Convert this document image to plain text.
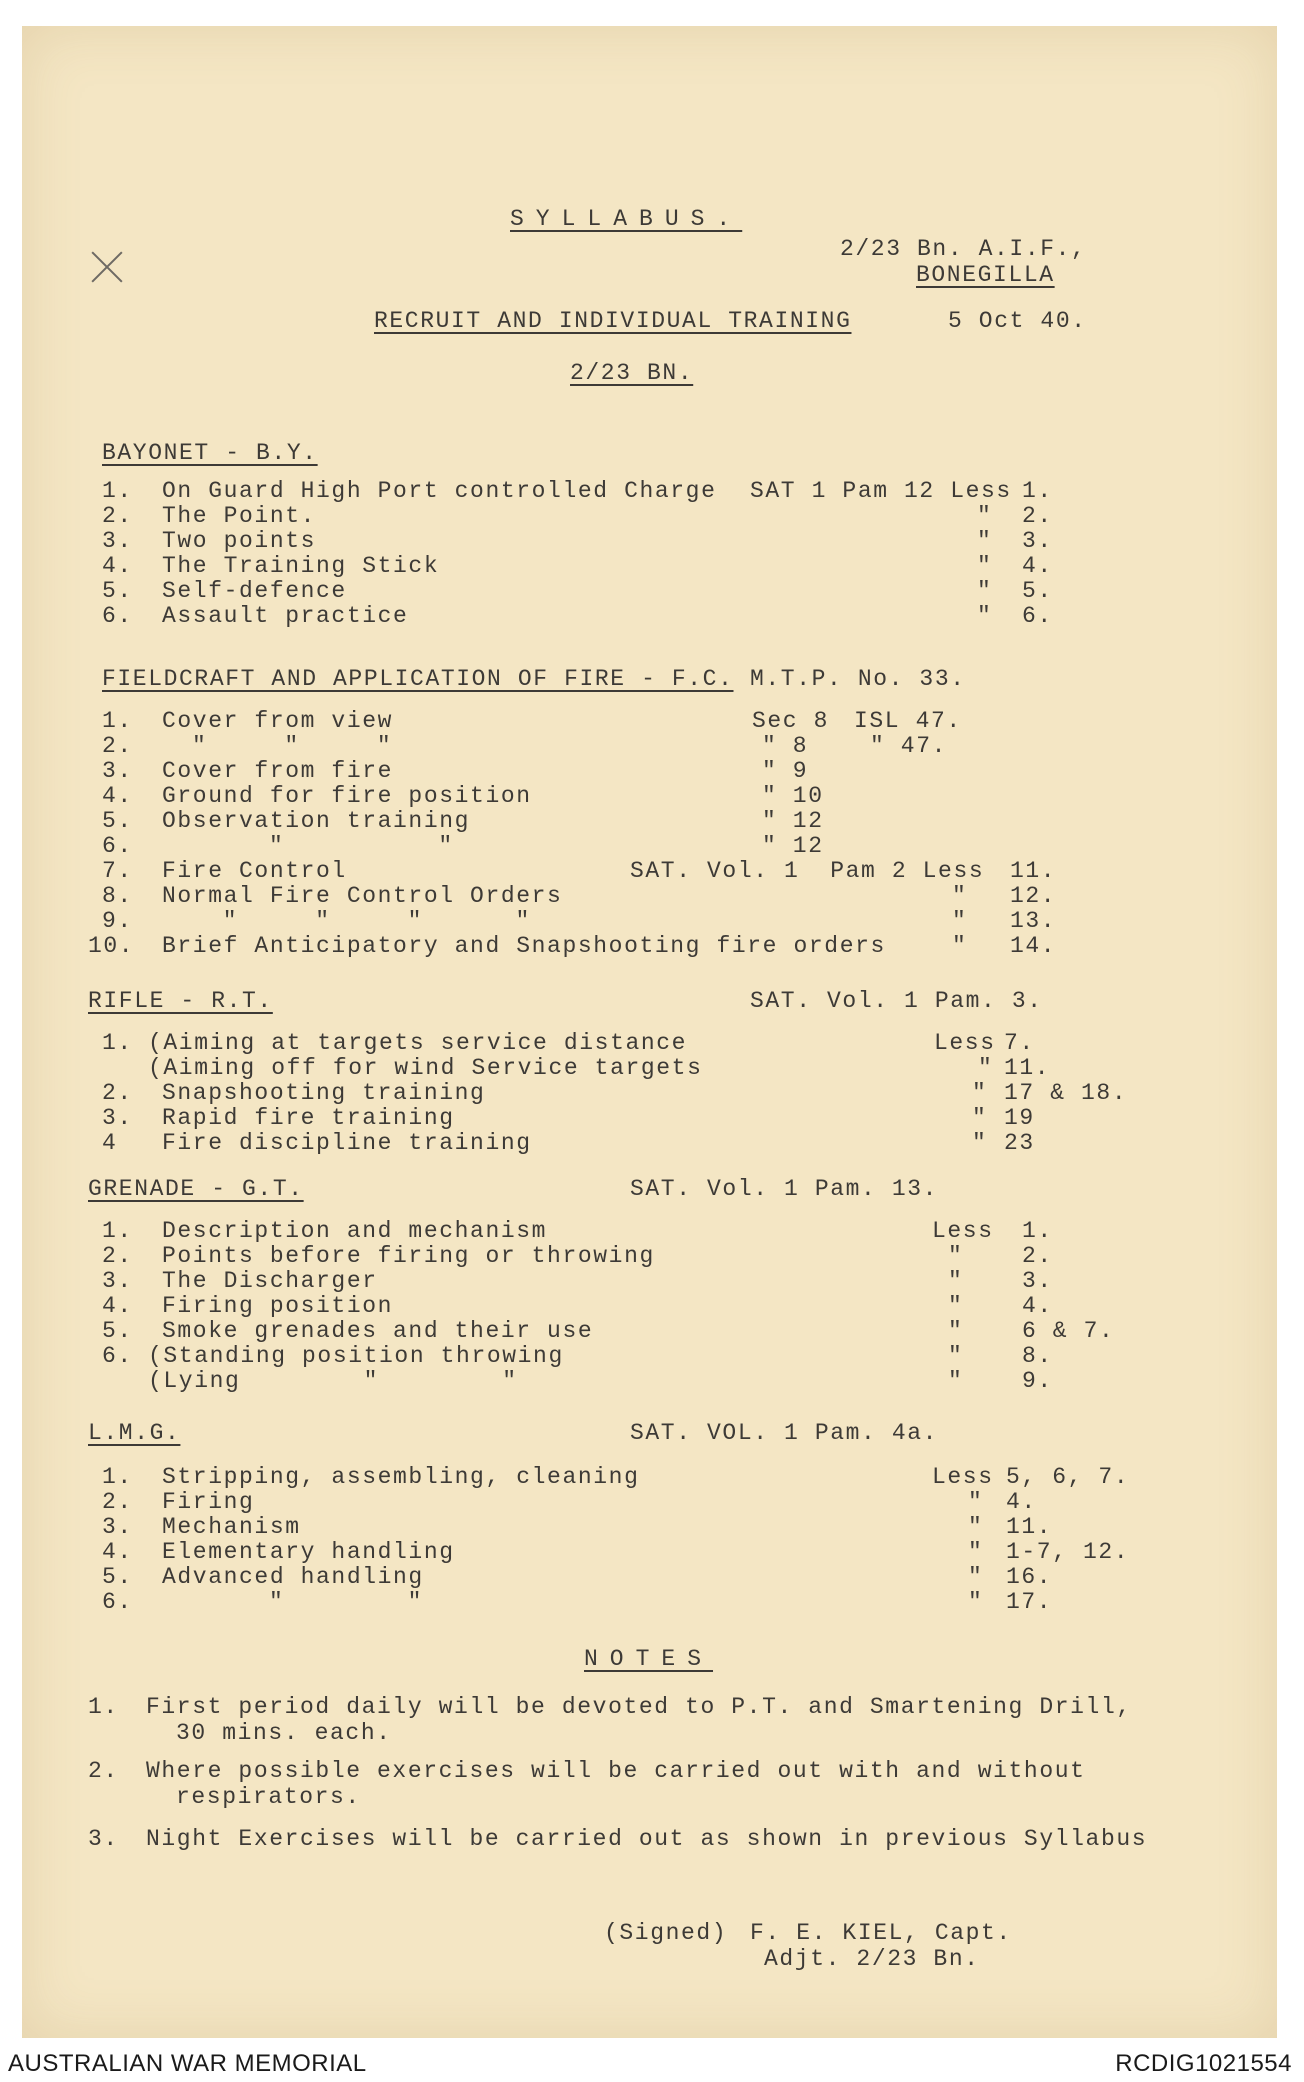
SYLLABUS.
2/23 Bn. A.I.F.,
BONEGILLA
RECRUIT AND INDIVIDUAL TRAINING	5 Oct 40.
2/23 BN.
BAYONET - B.Y.
1. On Guard High Port controlled Charge SAT 1 Pam 12 Less 1.
2. The Point.	" 2.
3. Two points	" 3.
4. The Training Stick	" 4.
5. Self-defence	" 5.
6. Assault practice	" 6.
FIELDCRAFT AND APPLICATION OF FIRE - F.C. M.T.P. No. 33.
1. Cover from view	Sec 8 ISL 47.
2.	"     "     "	" 8	" 47.
3. Cover from fire	" 9
4. Ground for fire position	" 10
5. Observation training	" 12
6.	"          "	" 12
7. Fire Control	SAT. Vol. 1  Pam 2 Less 11.
8. Normal Fire Control Orders	" 12.
9.	"     "     "      "	" 13.
10. Brief Anticipatory and Snapshooting fire orders	" 14.
RIFLE - R.T.	SAT. Vol. 1 Pam. 3.
1. (Aiming at targets service distance	Less 7.
(Aiming off for wind Service targets	" 11.
2. Snapshooting training	" 17 & 18.
3. Rapid fire training	" 19
4 Fire discipline training	" 23
GRENADE - G.T.	SAT. Vol. 1 Pam. 13.
1. Description and mechanism	Less 1.
2. Points before firing or throwing	"	2.
3. The Discharger	"	3.
4. Firing position	"	4.
5. Smoke grenades and their use	"	6 & 7.
6. (Standing position throwing	"	8.
(Lying        "        "	"	9.
L.M.G.	SAT. VOL. 1 Pam. 4a.
1. Stripping, assembling, cleaning	Less 5, 6, 7.
2. Firing	" 4.
3. Mechanism	" 11.
4. Elementary handling	" 1-7, 12.
5. Advanced handling	" 16.
6.	"        "	" 17.
NOTES
1. First period daily will be devoted to P.T. and Smartening Drill,
30 mins. each.
2. Where possible exercises will be carried out with and without
respirators.
3. Night Exercises will be carried out as shown in previous Syllabus
(Signed) F. E. KIEL, Capt.
Adjt. 2/23 Bn.
AUSTRALIAN WAR MEMORIAL	RCDIG1021554
